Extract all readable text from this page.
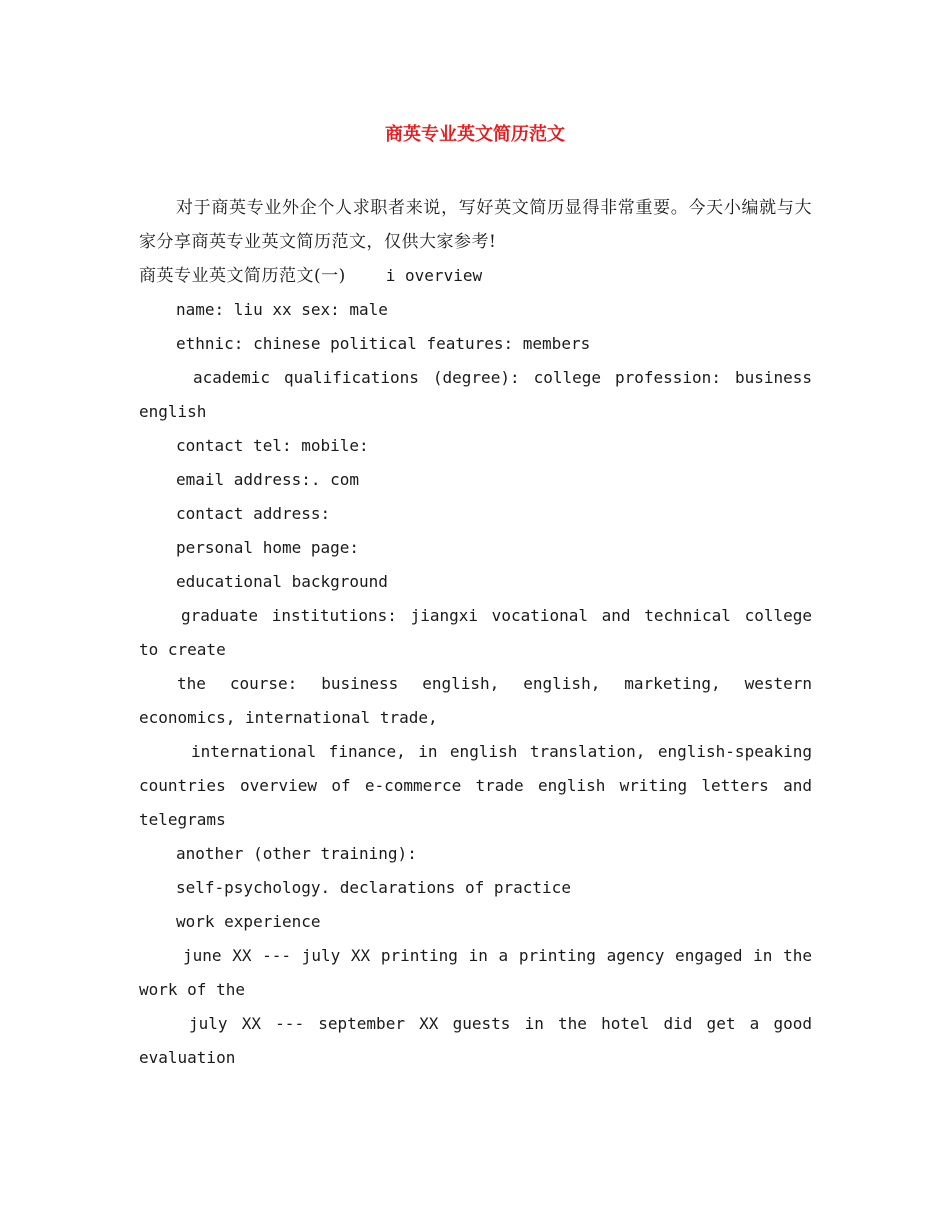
商英专业英文简历范文

对于商英专业外企个人求职者来说，写好英文简历显得非常重要。今天小编就与大家分享商英专业英文简历范文，仅供大家参考!

商英专业英文简历范文(一)	i overview

name: liu xx sex: male

ethnic: chinese political features: members

academic qualifications (degree): college profession: business english

contact tel: mobile:

email address:. com

contact address:

personal home page:

educational background

graduate institutions: jiangxi vocational and technical college to create

the course: business english, english, marketing, western economics, international trade,

international finance, in english translation, english-speaking countries overview of e-commerce trade english writing letters and telegrams

another (other training):

self-psychology. declarations of practice

work experience

june XX --- july XX printing in a printing agency engaged in the work of the

july XX --- september XX guests in the hotel did get a good evaluation
